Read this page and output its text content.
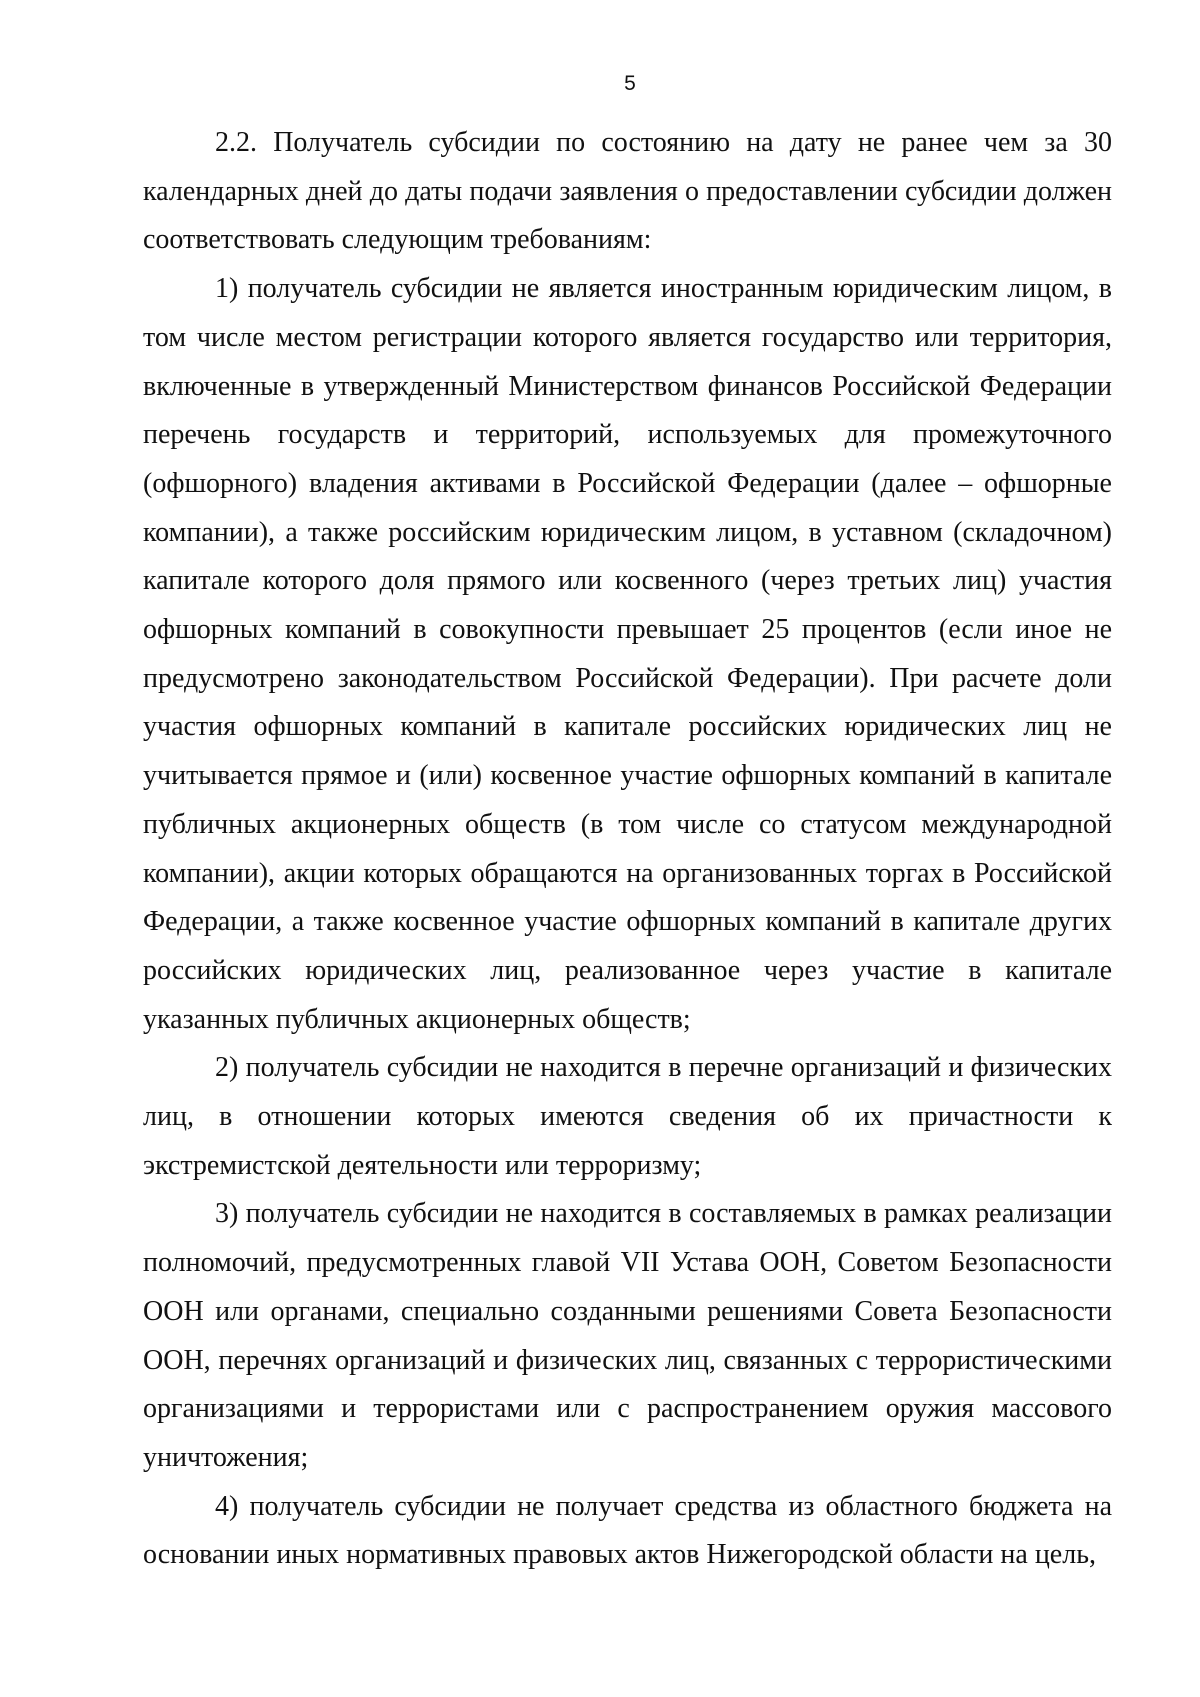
5

2.2. Получатель субсидии по состоянию на дату не ранее чем за 30 календарных дней до даты подачи заявления о предоставлении субсидии должен соответствовать следующим требованиям:

1) получатель субсидии не является иностранным юридическим лицом, в том числе местом регистрации которого является государство или территория, включенные в утвержденный Министерством финансов Российской Федерации перечень государств и территорий, используемых для промежуточного (офшорного) владения активами в Российской Федерации (далее – офшорные компании), а также российским юридическим лицом, в уставном (складочном) капитале которого доля прямого или косвенного (через третьих лиц) участия офшорных компаний в совокупности превышает 25 процентов (если иное не предусмотрено законодательством Российской Федерации). При расчете доли участия офшорных компаний в капитале российских юридических лиц не учитывается прямое и (или) косвенное участие офшорных компаний в капитале публичных акционерных обществ (в том числе со статусом международной компании), акции которых обращаются на организованных торгах в Российской Федерации, а также косвенное участие офшорных компаний в капитале других российских юридических лиц, реализованное через участие в капитале указанных публичных акционерных обществ;

2) получатель субсидии не находится в перечне организаций и физических лиц, в отношении которых имеются сведения об их причастности к экстремистской деятельности или терроризму;

3) получатель субсидии не находится в составляемых в рамках реализации полномочий, предусмотренных главой VII Устава ООН, Советом Безопасности ООН или органами, специально созданными решениями Совета Безопасности ООН, перечнях организаций и физических лиц, связанных с террористическими организациями и террористами или с распространением оружия массового уничтожения;

4) получатель субсидии не получает средства из областного бюджета на основании иных нормативных правовых актов Нижегородской области на цель,
